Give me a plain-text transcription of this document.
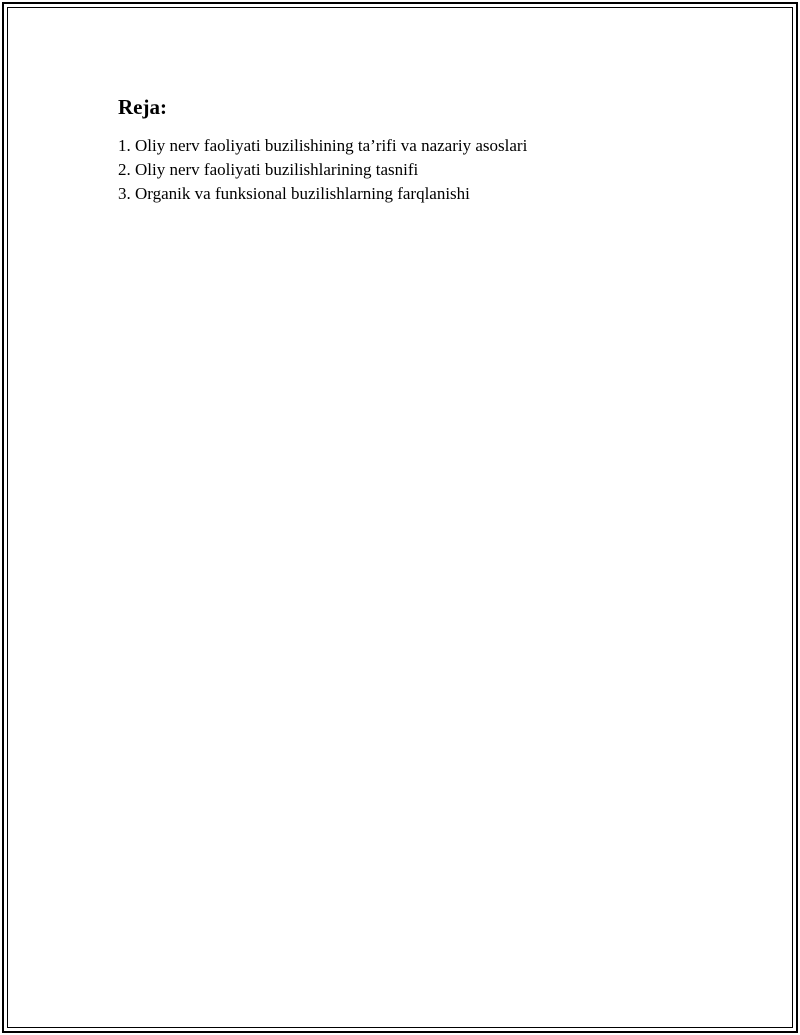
Reja:
1. Oliy nerv faoliyati buzilishining ta’rifi va nazariy asoslari
2. Oliy nerv faoliyati buzilishlarining tasnifi
3. Organik va funksional buzilishlarning farqlanishi
